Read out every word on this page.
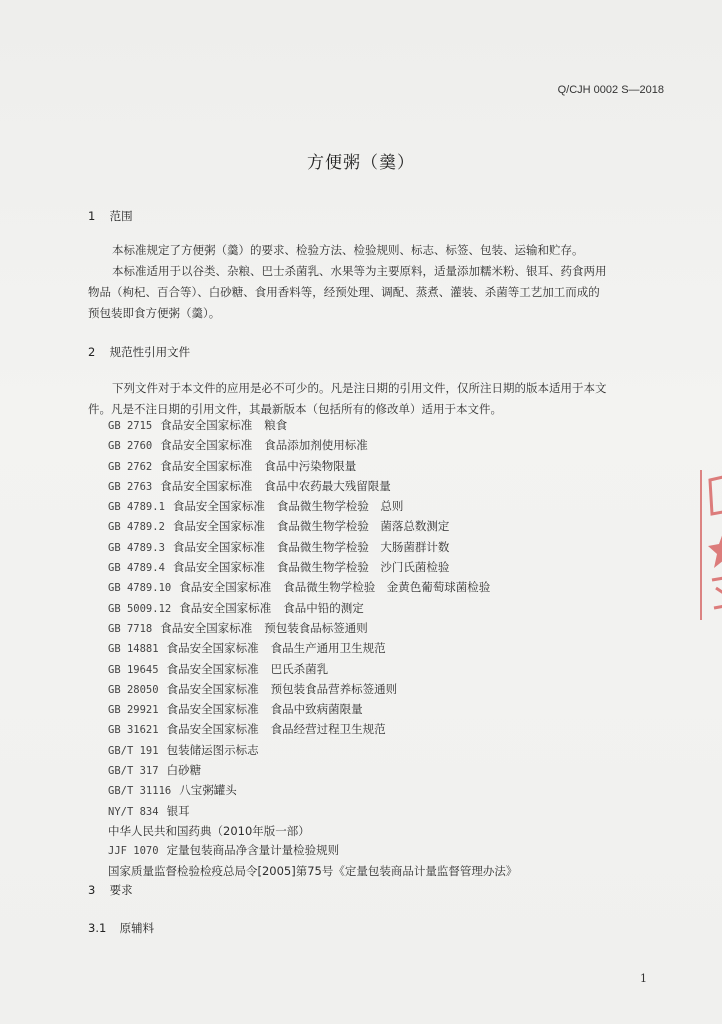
Q/CJH 0002 S—2018
方便粥（羹）
1 范围
本标准规定了方便粥（羹）的要求、检验方法、检验规则、标志、标签、包装、运输和贮存。
本标准适用于以谷类、杂粮、巴士杀菌乳、水果等为主要原料，适量添加糯米粉、银耳、药食两用
物品（枸杞、百合等）、白砂糖、食用香料等，经预处理、调配、蒸煮、灌装、杀菌等工艺加工而成的
预包装即食方便粥（羹）。
2 规范性引用文件
下列文件对于本文件的应用是必不可少的。凡是注日期的引用文件，仅所注日期的版本适用于本文
件。凡是不注日期的引用文件，其最新版本（包括所有的修改单）适用于本文件。
GB 2715 食品安全国家标准 粮食
GB 2760 食品安全国家标准 食品添加剂使用标准
GB 2762 食品安全国家标准 食品中污染物限量
GB 2763 食品安全国家标准 食品中农药最大残留限量
GB 4789.1 食品安全国家标准 食品微生物学检验　总则
GB 4789.2 食品安全国家标准 食品微生物学检验　菌落总数测定
GB 4789.3 食品安全国家标准 食品微生物学检验　大肠菌群计数
GB 4789.4 食品安全国家标准 食品微生物学检验　沙门氏菌检验
GB 4789.10 食品安全国家标准 食品微生物学检验　金黄色葡萄球菌检验
GB 5009.12 食品安全国家标准 食品中铅的测定
GB 7718 食品安全国家标准 预包装食品标签通则
GB 14881 食品安全国家标准 食品生产通用卫生规范
GB 19645 食品安全国家标准 巴氏杀菌乳
GB 28050 食品安全国家标准 预包装食品营养标签通则
GB 29921 食品安全国家标准 食品中致病菌限量
GB 31621 食品安全国家标准 食品经营过程卫生规范
GB/T 191 包装储运图示标志
GB/T 317 白砂糖
GB/T 31116 八宝粥罐头
NY/T 834 银耳
中华人民共和国药典（2010年版一部）
JJF 1070 定量包装商品净含量计量检验规则
国家质量监督检验检疫总局令[2005]第75号《定量包装商品计量监督管理办法》
3 要求
3.1 原辅料
1
